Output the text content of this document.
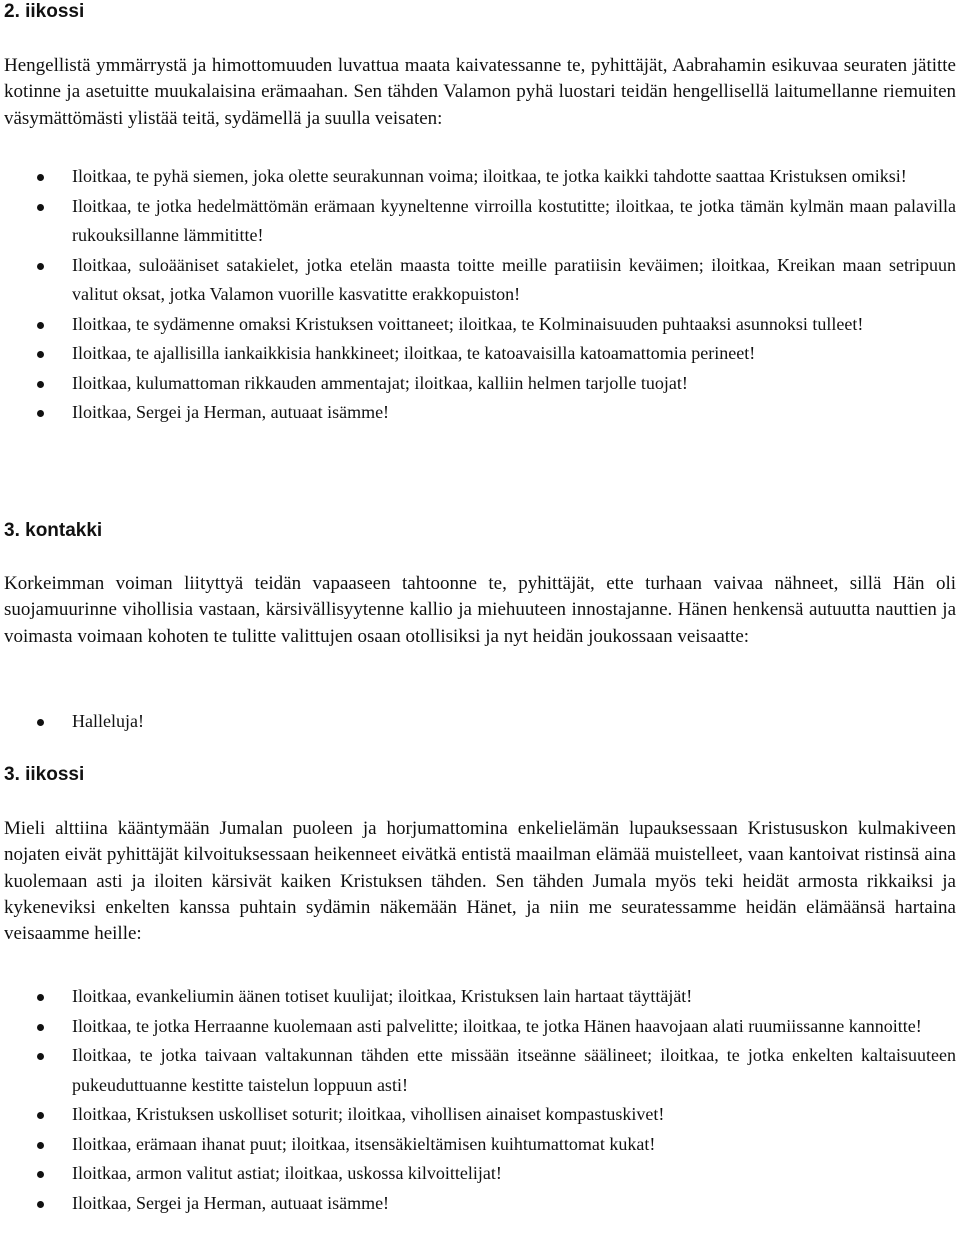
2. iikossi

Hengellistä ymmärrystä ja himottomuuden luvattua maata kaivatessanne te, pyhittäjät, Aabrahamin esikuvaa seuraten jätitte kotinne ja asetuitte muukalaisina erämaahan. Sen tähden Valamon pyhä luostari teidän hengellisellä laitumellanne riemuiten väsymättömästi ylistää teitä, sydämellä ja suulla veisaten:

Iloitkaa, te pyhä siemen, joka olette seurakunnan voima; iloitkaa, te jotka kaikki tahdotte saattaa Kristuksen omiksi!
Iloitkaa, te jotka hedelmättömän erämaan kyyneltenne virroilla kostutitte; iloitkaa, te jotka tämän kylmän maan palavilla rukouksillanne lämmititte!
Iloitkaa, suloääniset satakielet, jotka etelän maasta toitte meille paratiisin keväimen; iloitkaa, Kreikan maan setripuun valitut oksat, jotka Valamon vuorille kasvatitte erakkopuiston!
Iloitkaa, te sydämenne omaksi Kristuksen voittaneet; iloitkaa, te Kolminaisuuden puhtaaksi asunnoksi tulleet!
Iloitkaa, te ajallisilla iankaikkisia hankkineet; iloitkaa, te katoavaisilla katoamattomia perineet!
Iloitkaa, kulumattoman rikkauden ammentajat; iloitkaa, kalliin helmen tarjolle tuojat!
Iloitkaa, Sergei ja Herman, autuaat isämme!
3. kontakki

Korkeimman voiman liityttyä teidän vapaaseen tahtoonne te, pyhittäjät, ette turhaan vaivaa nähneet, sillä Hän oli suojamuurinne vihollisia vastaan, kärsivällisyytenne kallio ja miehuuteen innostajanne. Hänen henkensä autuutta nauttien ja voimasta voimaan kohoten te tulitte valittujen osaan otollisiksi ja nyt heidän joukossaan veisaatte:

Halleluja!
3. iikossi

Mieli alttiina kääntymään Jumalan puoleen ja horjumattomina enkelielämän lupauksessaan Kristususkon kulmakiveen nojaten eivät pyhittäjät kilvoituksessaan heikenneet eivätkä entistä maailman elämää muistelleet, vaan kantoivat ristinsä aina kuolemaan asti ja iloiten kärsivät kaiken Kristuksen tähden. Sen tähden Jumala myös teki heidät armosta rikkaiksi ja kykeneviksi enkelten kanssa puhtain sydämin näkemään Hänet, ja niin me seuratessamme heidän elämäänsä hartaina veisaamme heille:

Iloitkaa, evankeliumin äänen totiset kuulijat; iloitkaa, Kristuksen lain hartaat täyttäjät!
Iloitkaa, te jotka Herraanne kuolemaan asti palvelitte; iloitkaa, te jotka Hänen haavojaan alati ruumiissanne kannoitte!
Iloitkaa, te jotka taivaan valtakunnan tähden ette missään itseänne säälineet; iloitkaa, te jotka enkelten kaltaisuuteen pukeuduttuanne kestitte taistelun loppuun asti!
Iloitkaa, Kristuksen uskolliset soturit; iloitkaa, vihollisen ainaiset kompastuskivet!
Iloitkaa, erämaan ihanat puut; iloitkaa, itsensäkieltämisen kuihtumattomat kukat!
Iloitkaa, armon valitut astiat; iloitkaa, uskossa kilvoittelijat!
Iloitkaa, Sergei ja Herman, autuaat isämme!
